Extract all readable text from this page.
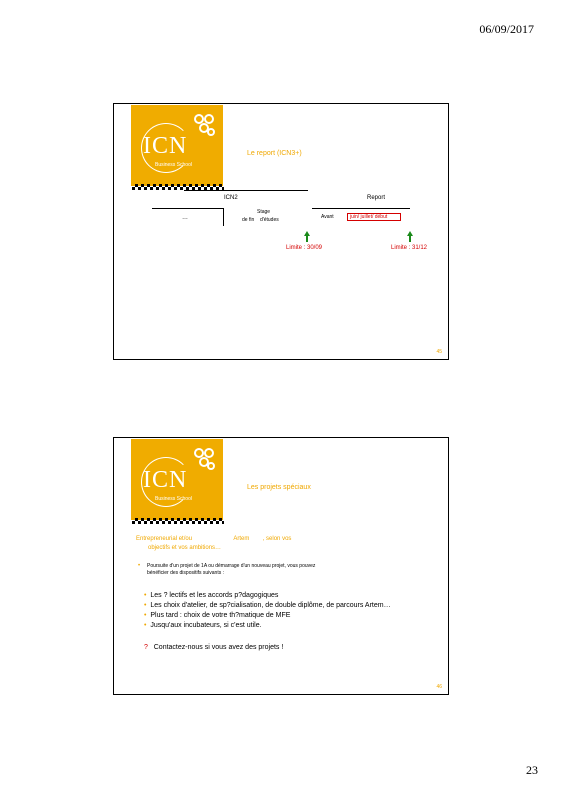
06/09/2017
ICN
Business School
Le report (ICN3+)
ICN2	Report
…
Stage
de fin d'études	Avant	juin/ juillet/ début
Limite : 30/09	Limite : 31/12
45
ICN
Business School
Les projets spéciaux
Entrepreneurial et/ou                         Artem        , selon vos
objectifs et vos ambitions…
• Poursuite d'un projet de 1A ou démarrage d'un nouveau projet, vous pouvez
bénéficier des dispositifs suivants :
•  Les ? lectifs et les accords p?dagogiques
•  Les choix d'atelier, de sp?cialisation, de double diplôme, de parcours Artem…
•  Plus tard : choix de votre th?matique de MFE
•  Jusqu'aux incubateurs, si c'est utile.
? Contactez-nous si vous avez des projets !
46
23
